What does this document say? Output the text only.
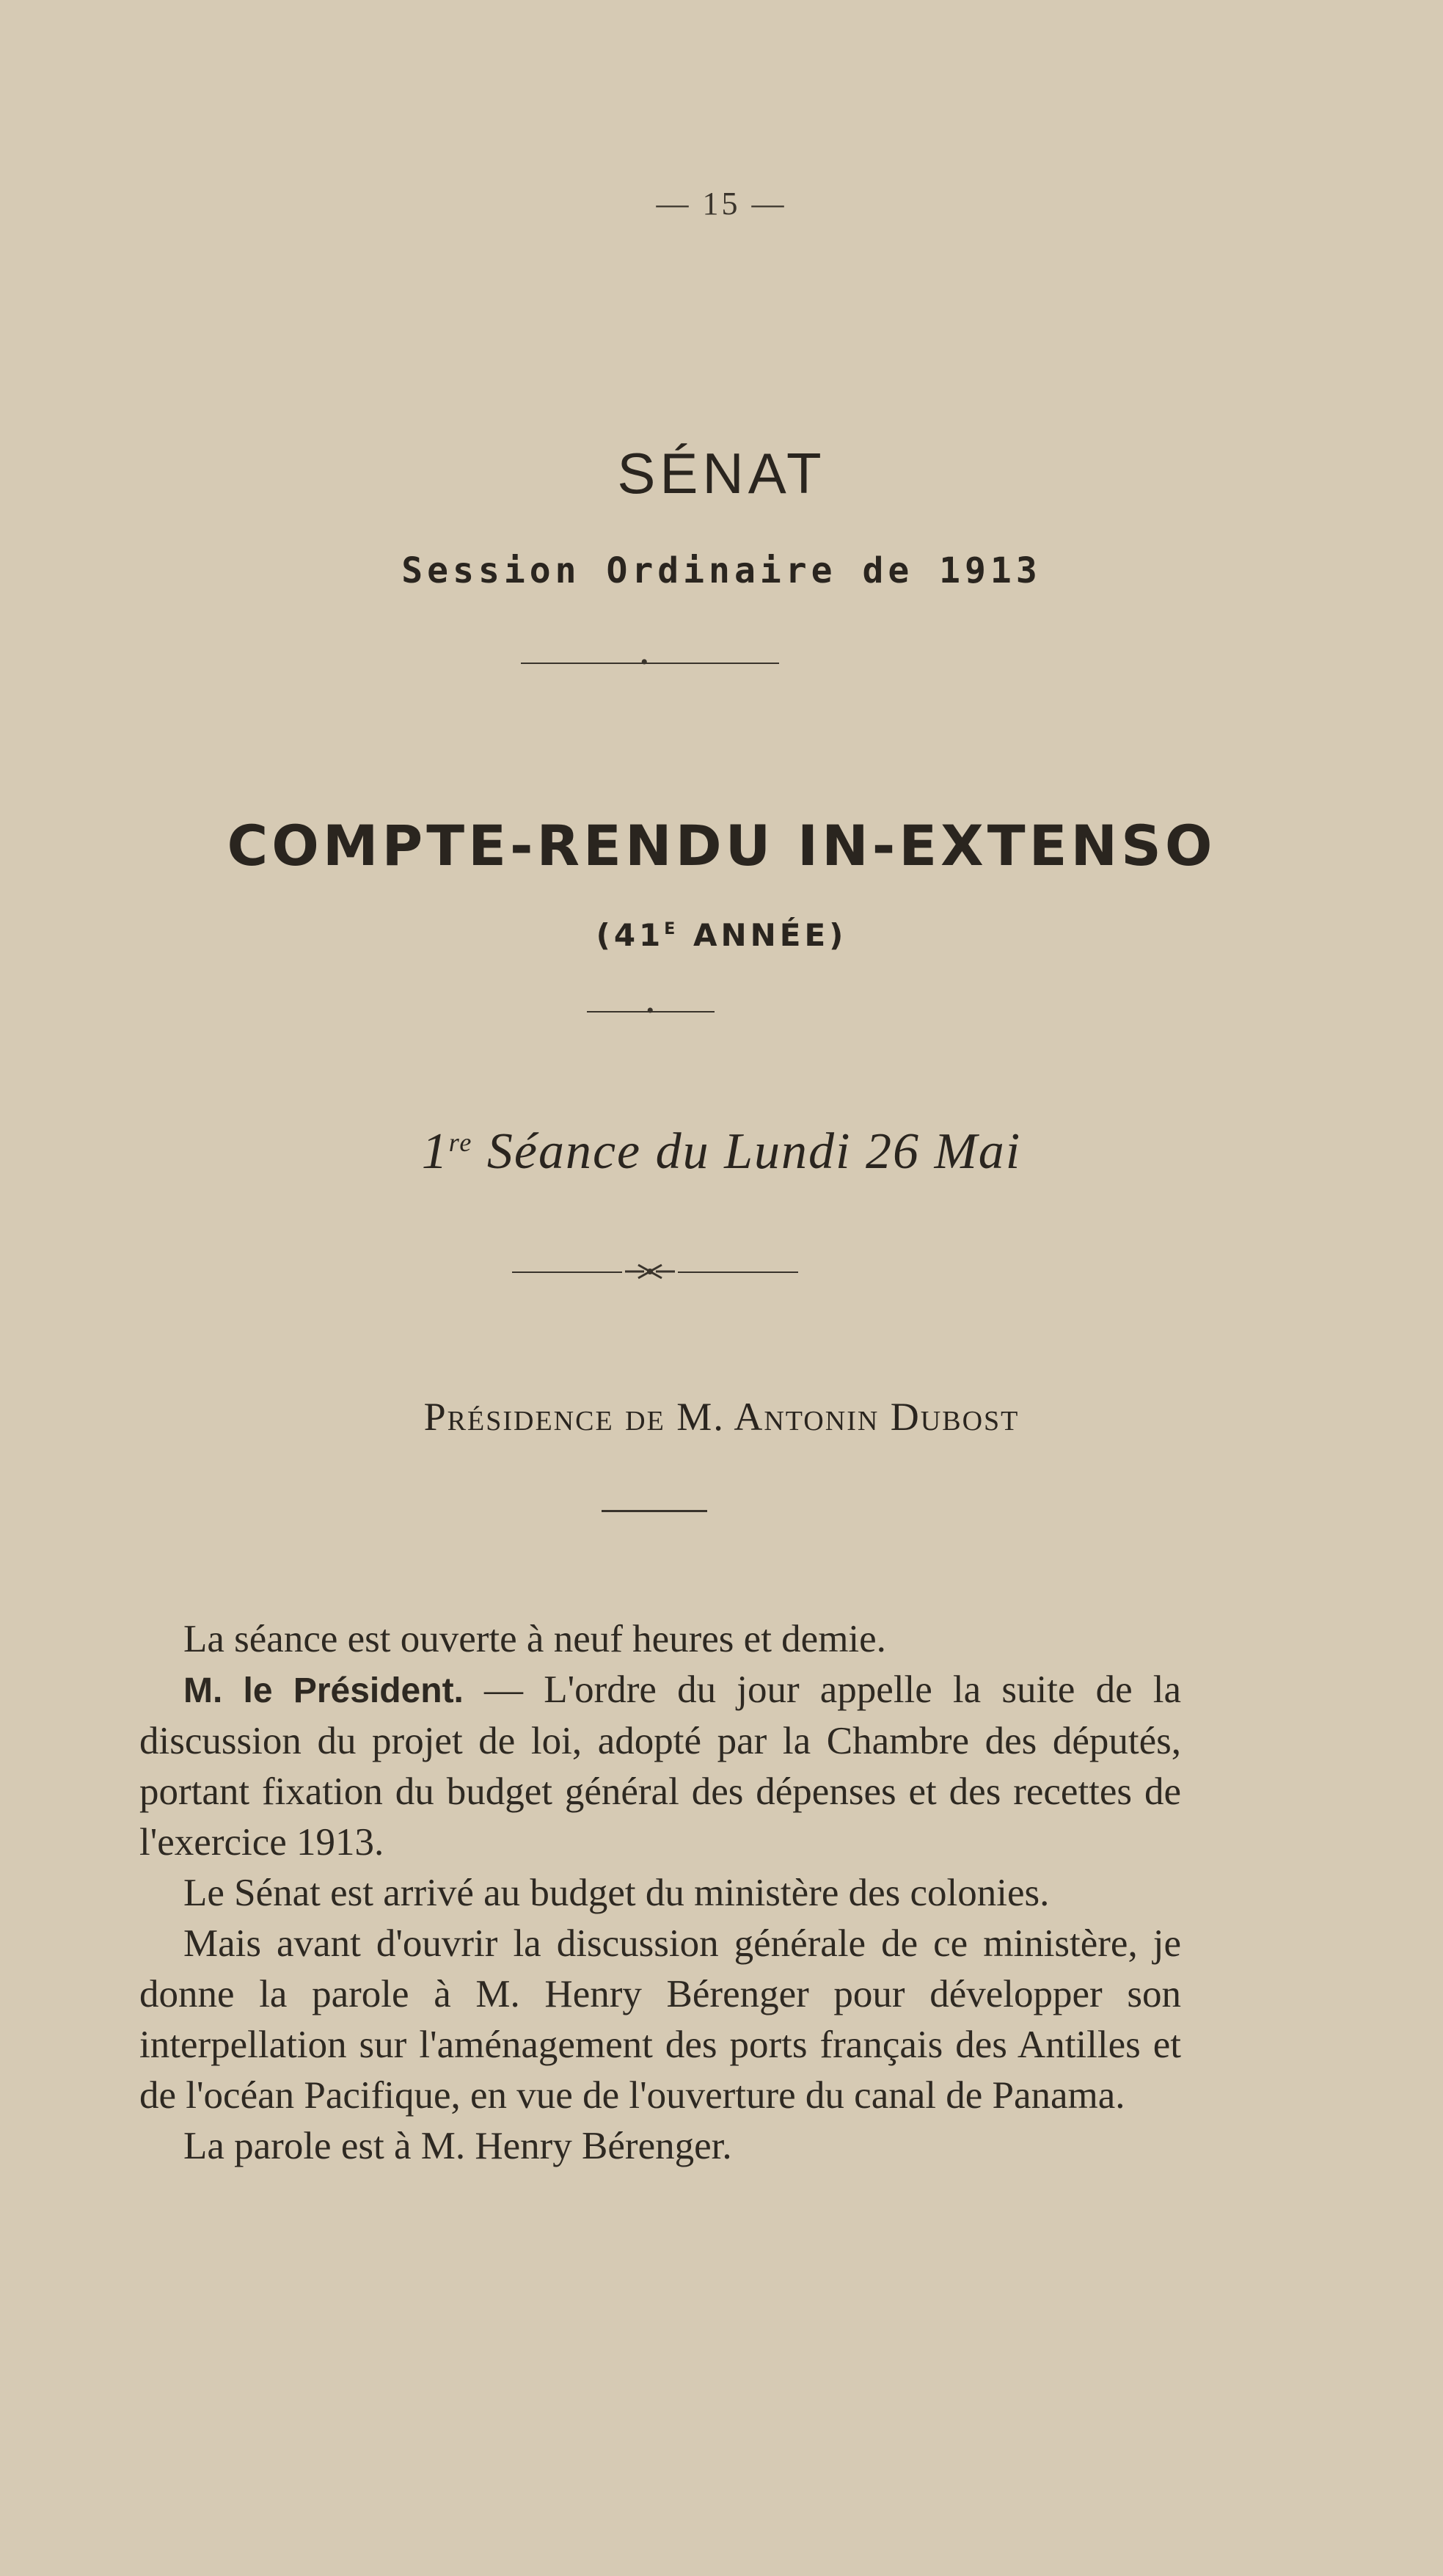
— 15 —
SÉNAT
Session Ordinaire de 1913
•
COMPTE-RENDU IN-EXTENSO
($41^E$ ANNÉE)
•
1re Séance du Lundi 26 Mai
Présidence de M. Antonin Dubost

La séance est ouverte à neuf heures et demie.

M. le Président. — L'ordre du jour appelle la suite de la discussion du projet de loi, adopté par la Chambre des députés, portant fixation du budget général des dépenses et des recettes de l'exercice 1913.

Le Sénat est arrivé au budget du ministère des colonies.

Mais avant d'ouvrir la discussion générale de ce ministère, je donne la parole à M. Henry Bérenger pour développer son interpellation sur l'aménagement des ports français des Antilles et de l'océan Pacifique, en vue de l'ouverture du canal de Panama.

La parole est à M. Henry Bérenger.
